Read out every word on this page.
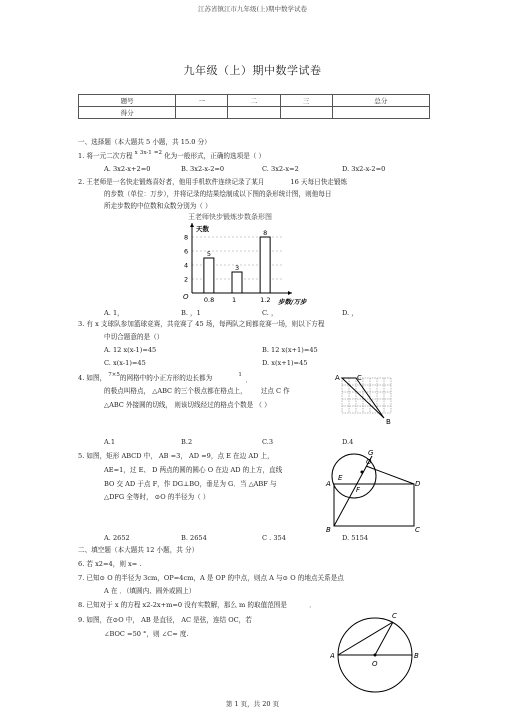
江苏省镇江市九年级(上)期中数学试卷
九年级（上）期中数学试卷
题号	一	二	三	总分
得分				
一、选择题（本大题共 5 小题，共 15.0 分）
1. 将一元二次方程 $^x$ $^{3x-1}$ $^{=2}$ 化为一般形式，正确的选项是（ ）
A. 3x2-x+2=0	B. 3x2-x-2=0	C. 3x2-x=2	D. 3x2-x-2=0
2. 王老师是一名快走锻炼喜好者，他用手机软件连续记录了某月	16 天每日快走锻炼
的步数（单位：万步），并将记录的结果绘制成以下图的条形统计图，则他每日
所走步数的中位数和众数分别为（ ）
王老师快步锻炼步数条形图
天数
2
4
6
8
5
0.8
3
1
8
1.2
O
步数/万步
A. 1，	B. ，1	C. ，	D. ，
3. 有 x 支球队参加篮球竞赛，共竞赛了 45 场，每两队之间都竞赛一场，则以下方程
中切合题意的是（）
A. 12 x(x-1)=45	B. 12 x(x+1)=45
C. x(x-1)=45	D. x(x+1)=45
4. 如图， $^{7\times 5}$的网格中的小正方形的边长都为	$^1$ $_,$
的极点叫格点， △ABC 的三个极点都在格点上， 过点 C 作
△ABC 外接圆的切线， 则该切线经过的格点个数是 （ ）
A C
B
A.1	B.2	C.3	D.4
5. 如图，矩形 ABCD 中， AB =3， AD =9，点 E 在边 AD 上，
AE=1，过 E、 D 两点的圆的圆心 O 在边 AD 的上方，直线
BO 交 AD 于点 F，作 DG⊥BO，垂足为 G．当 △ABF 与
△DFG 全等时， ⊙O 的半径为（ ）
G
O
A
E
F
D
B	C
A. 2652	B. 2654	C . 354	D. 5154
二、填空题（本大题共 12 小题，共 分）
6. 若 x2=4，则 x= .
7. 已知⊙ O 的半径为 3cm，OP=4cm，A 是 OP 的中点，则点 A 与⊙ O 的地点关系是点
A 在 ．（填圆内、圆外或圆上）
8. 已知对于 x 的方程 x2-2x+m=0 没有实数解，那么 m 的取值范围是	．
9. 如图，在⊙O 中， AB 是直径， AC 是弦，连结 OC，若
∠BOC =50 °，则 ∠C= 度.
C
A	B
O
第 1 页，共 20 页
